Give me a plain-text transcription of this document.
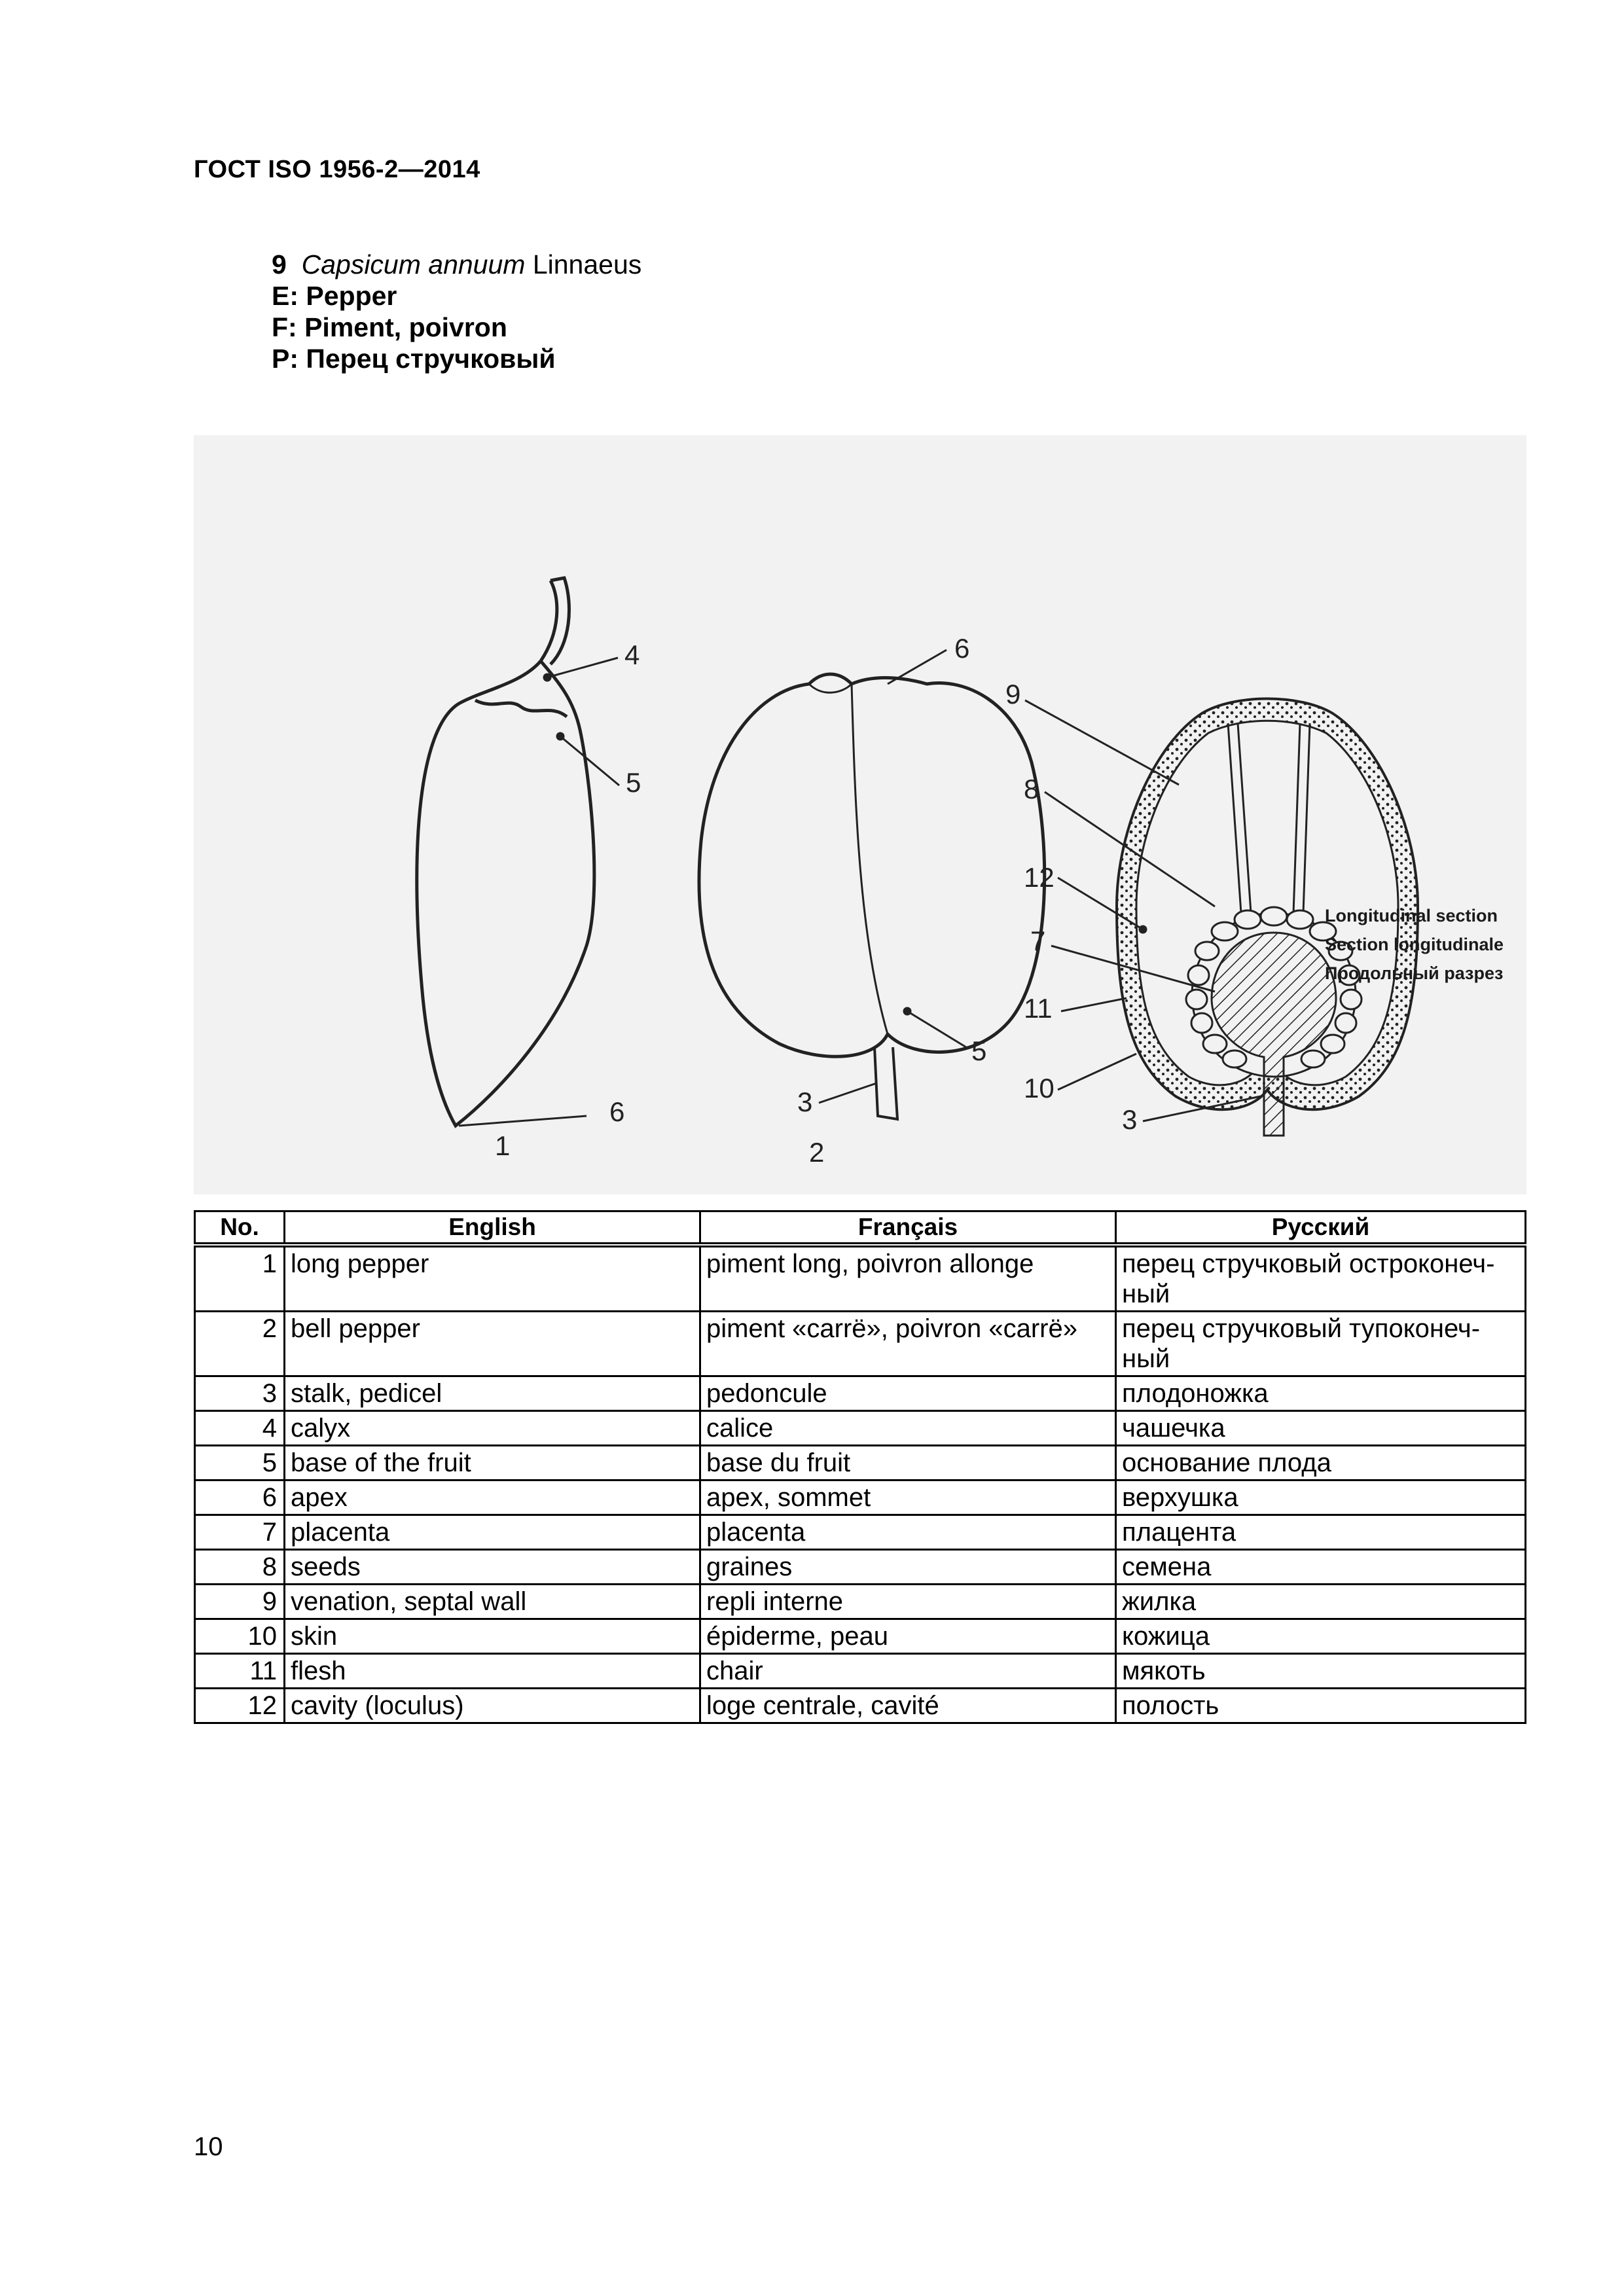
ГОСТ ISO 1956-2—2014
9 Capsicum annuum Linnaeus
E: Pepper
F: Piment, poivron
P: Перец стручковый
4
5
6
1
6
5
3
2
9
8
12
7
11
10
3
Longitudinal section
Section longitudinale
Продольный разрез
No.	English	Français	Русский
1	long pepper	piment long, poivron allonge	перец стручковый остроконеч-ный
2	bell pepper	piment «carrë», poivron «carrë»	перец стручковый тупоконеч-ный
3	stalk, pedicel	pedoncule	плодоножка
4	calyx	calice	чашечка
5	base of the fruit	base du fruit	основание плода
6	apex	apex, sommet	верхушка
7	placenta	placenta	плацента
8	seeds	graines	семена
9	venation, septal wall	repli interne	жилка
10	skin	épiderme, peau	кожица
11	flesh	chair	мякоть
12	cavity (loculus)	loge centrale, cavité	полость
10
